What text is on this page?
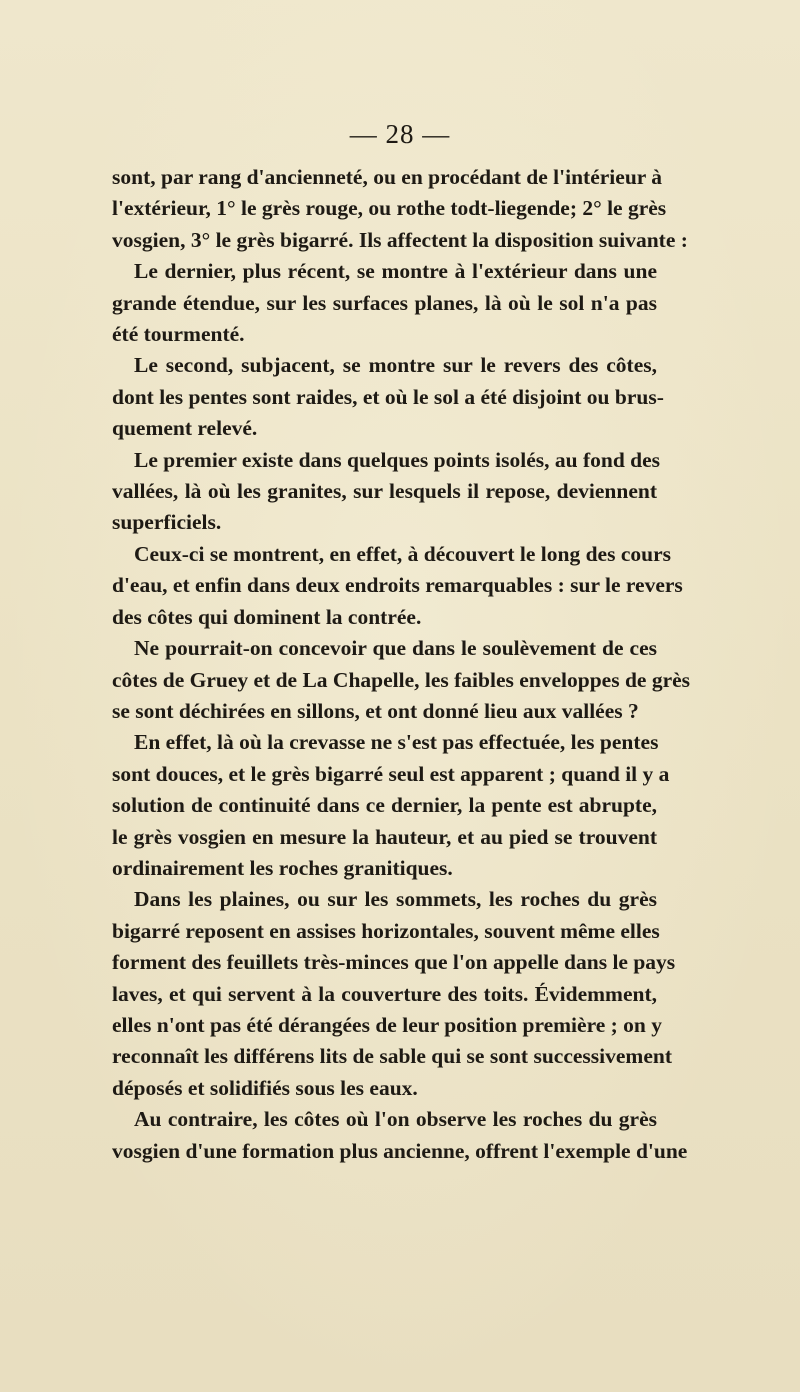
— 28 —
sont, par rang d'ancienneté, ou en procédant de l'intérieur à
l'extérieur, 1° le grès rouge, ou rothe todt-liegende; 2° le grès
vosgien, 3° le grès bigarré. Ils affectent la disposition suivante :
Le dernier, plus récent, se montre à l'extérieur dans une
grande étendue, sur les surfaces planes, là où le sol n'a pas
été tourmenté.
Le second, subjacent, se montre sur le revers des côtes,
dont les pentes sont raides, et où le sol a été disjoint ou brus-
quement relevé.
Le premier existe dans quelques points isolés, au fond des
vallées, là où les granites, sur lesquels il repose, deviennent
superficiels.
Ceux-ci se montrent, en effet, à découvert le long des cours
d'eau, et enfin dans deux endroits remarquables : sur le revers
des côtes qui dominent la contrée.
Ne pourrait-on concevoir que dans le soulèvement de ces
côtes de Gruey et de La Chapelle, les faibles enveloppes de grès
se sont déchirées en sillons, et ont donné lieu aux vallées ?
En effet, là où la crevasse ne s'est pas effectuée, les pentes
sont douces, et le grès bigarré seul est apparent ; quand il y a
solution de continuité dans ce dernier, la pente est abrupte,
le grès vosgien en mesure la hauteur, et au pied se trouvent
ordinairement les roches granitiques.
Dans les plaines, ou sur les sommets, les roches du grès
bigarré reposent en assises horizontales, souvent même elles
forment des feuillets très-minces que l'on appelle dans le pays
laves, et qui servent à la couverture des toits. Évidemment,
elles n'ont pas été dérangées de leur position première ; on y
reconnaît les différens lits de sable qui se sont successivement
déposés et solidifiés sous les eaux.
Au contraire, les côtes où l'on observe les roches du grès
vosgien d'une formation plus ancienne, offrent l'exemple d'une
